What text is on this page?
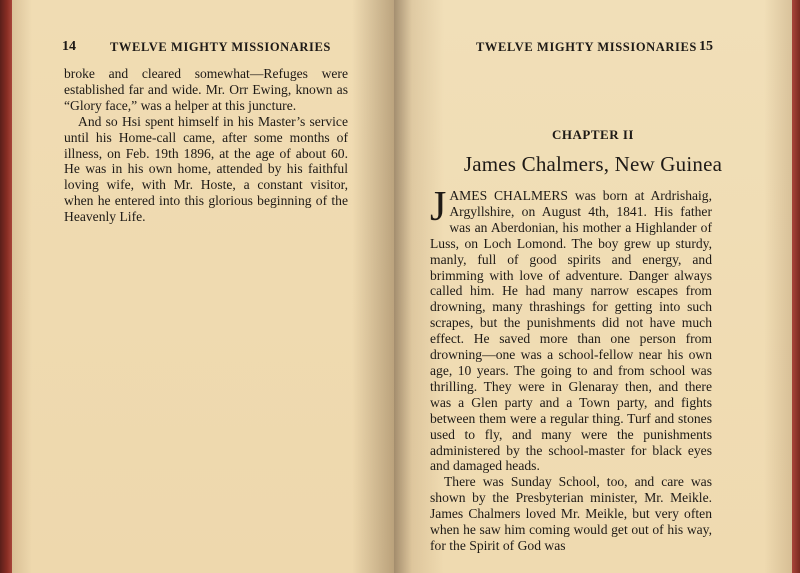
14	TWELVE MIGHTY MISSIONARIES

broke and cleared somewhat—Refuges were established far and wide. Mr. Orr Ewing, known as “Glory face,” was a helper at this juncture.

And so Hsi spent himself in his Master’s service until his Home-call came, after some months of illness, on Feb. 19th 1896, at the age of about 60. He was in his own home, attended by his faithful loving wife, with Mr. Hoste, a constant visitor, when he entered into this glorious beginning of the Heavenly Life.

TWELVE MIGHTY MISSIONARIES 15
CHAPTER II
James Chalmers, New Guinea

JAMES CHALMERS was born at Ardrishaig, Argyllshire, on August 4th, 1841. His father was an Aberdonian, his mother a Highlander of Luss, on Loch Lomond. The boy grew up sturdy, manly, full of good spirits and energy, and brimming with love of adventure. Danger always called him. He had many narrow escapes from drowning, many thrashings for getting into such scrapes, but the punishments did not have much effect. He saved more than one person from drowning—one was a school-fellow near his own age, 10 years. The going to and from school was thrilling. They were in Glenaray then, and there was a Glen party and a Town party, and fights between them were a regular thing. Turf and stones used to fly, and many were the punishments administered by the school-master for black eyes and damaged heads.

There was Sunday School, too, and care was shown by the Presbyterian minister, Mr. Meikle. James Chalmers loved Mr. Meikle, but very often when he saw him coming would get out of his way, for the Spirit of God was
